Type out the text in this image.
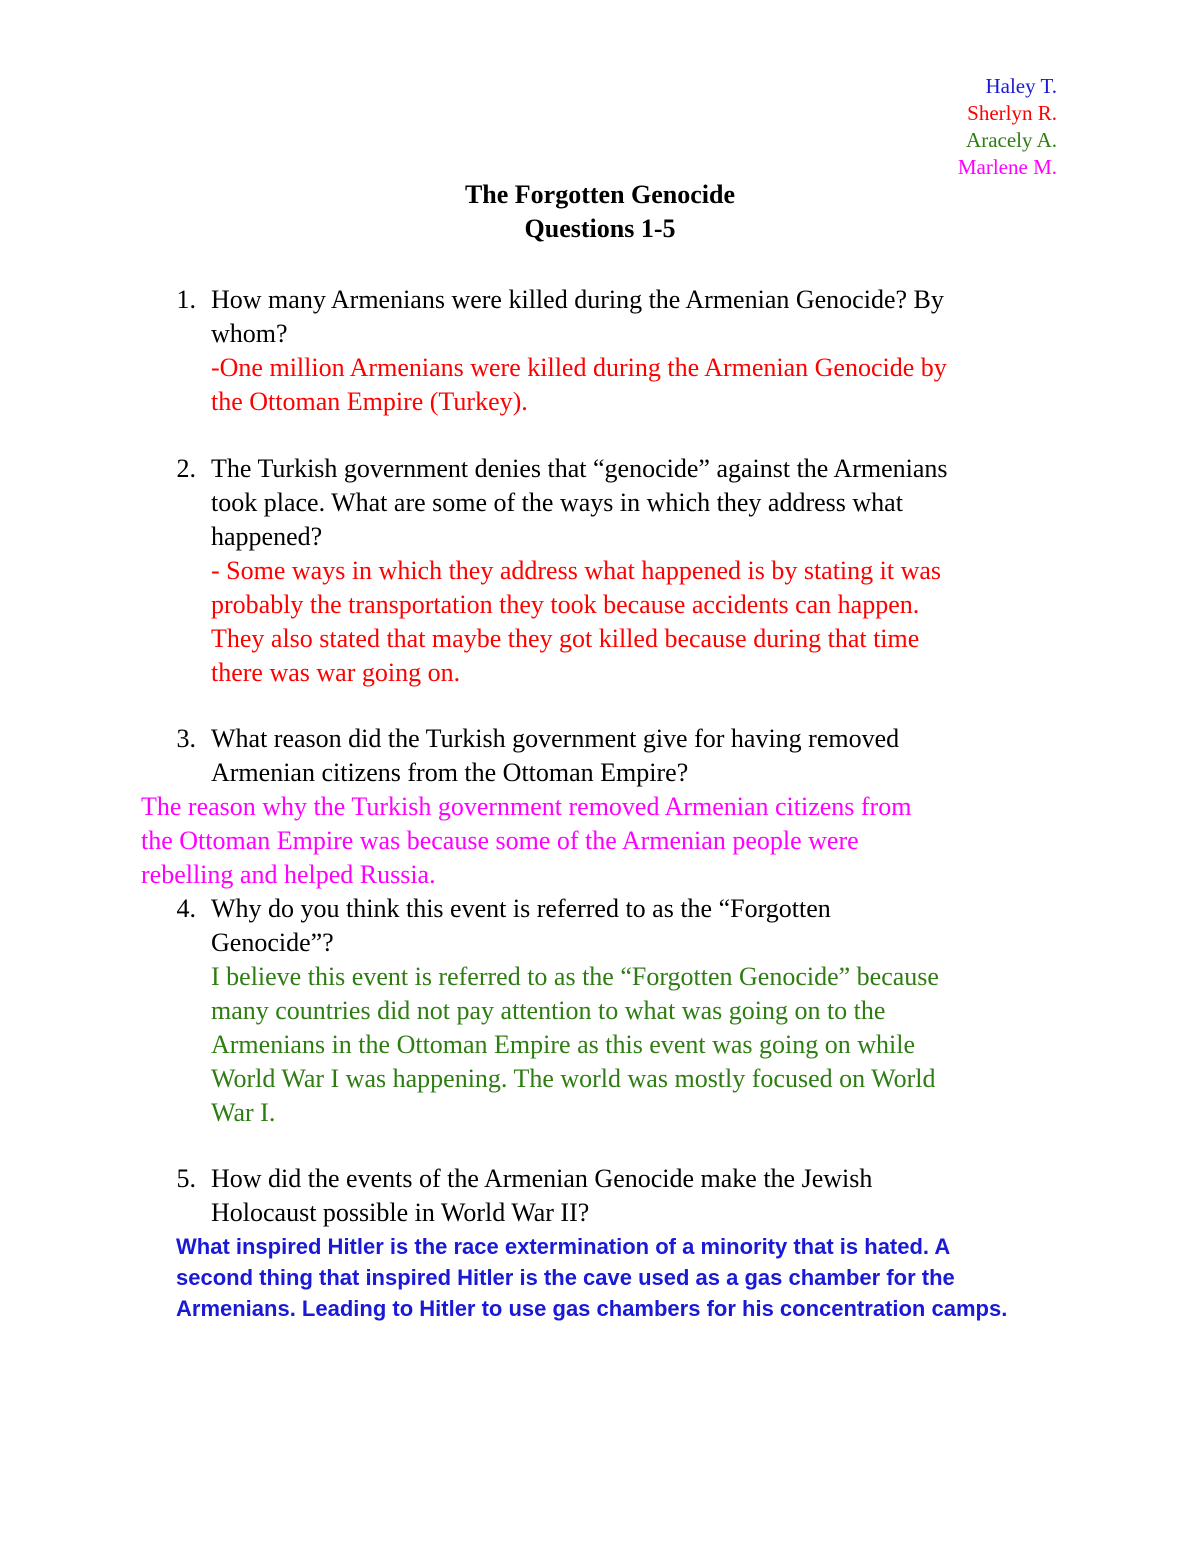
Haley T.
Sherlyn R.
Aracely A.
Marlene M.
The Forgotten Genocide
Questions 1-5
1. How many Armenians were killed during the Armenian Genocide? By
whom?
-One million Armenians were killed during the Armenian Genocide by
the Ottoman Empire (Turkey).
2. The Turkish government denies that “genocide” against the Armenians
took place. What are some of the ways in which they address what
happened?
- Some ways in which they address what happened is by stating it was
probably the transportation they took because accidents can happen.
They also stated that maybe they got killed because during that time
there was war going on.
3. What reason did the Turkish government give for having removed
Armenian citizens from the Ottoman Empire?
The reason why the Turkish government removed Armenian citizens from
the Ottoman Empire was because some of the Armenian people were
rebelling and helped Russia.
4. Why do you think this event is referred to as the “Forgotten
Genocide”?
I believe this event is referred to as the “Forgotten Genocide” because
many countries did not pay attention to what was going on to the
Armenians in the Ottoman Empire as this event was going on while
World War I was happening. The world was mostly focused on World
War I.
5. How did the events of the Armenian Genocide make the Jewish
Holocaust possible in World War II?
What inspired Hitler is the race extermination of a minority that is hated. A
second thing that inspired Hitler is the cave used as a gas chamber for the
Armenians. Leading to Hitler to use gas chambers for his concentration camps.
